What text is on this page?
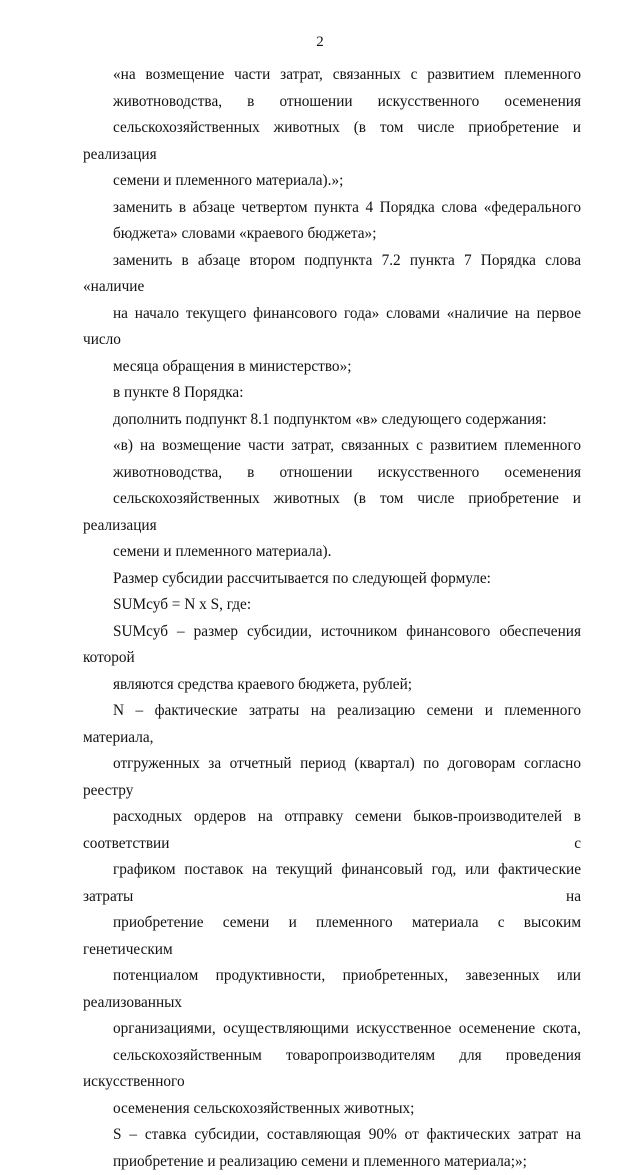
2
«на возмещение части затрат, связанных с развитием племенного
животноводства, в отношении искусственного осеменения
сельскохозяйственных животных (в том числе приобретение и реализация
семени и племенного материала).»;
заменить в абзаце четвертом пункта 4 Порядка слова «федерального
бюджета» словами «краевого бюджета»;
заменить в абзаце втором подпункта 7.2 пункта 7 Порядка слова «наличие
на начало текущего финансового года» словами «наличие на первое число
месяца обращения в министерство»;
в пункте 8 Порядка:
дополнить подпункт 8.1 подпунктом «в» следующего содержания:
«в) на возмещение части затрат, связанных с развитием племенного
животноводства, в отношении искусственного осеменения
сельскохозяйственных животных (в том числе приобретение и реализация
семени и племенного материала).
Размер субсидии рассчитывается по следующей формуле:
SUMсуб = N х S, где:
SUMсуб – размер субсидии, источником финансового обеспечения которой
являются средства краевого бюджета, рублей;
N – фактические затраты на реализацию семени и племенного материала,
отгруженных за отчетный период (квартал) по договорам согласно реестру
расходных ордеров на отправку семени быков-производителей в соответствии с
графиком поставок на текущий финансовый год, или фактические затраты на
приобретение семени и племенного материала с высоким генетическим
потенциалом продуктивности, приобретенных, завезенных или реализованных
организациями, осуществляющими искусственное осеменение скота,
сельскохозяйственным товаропроизводителям для проведения искусственного
осеменения сельскохозяйственных животных;
S – ставка субсидии, составляющая 90% от фактических затрат на
приобретение и реализацию семени и племенного материала;»;
